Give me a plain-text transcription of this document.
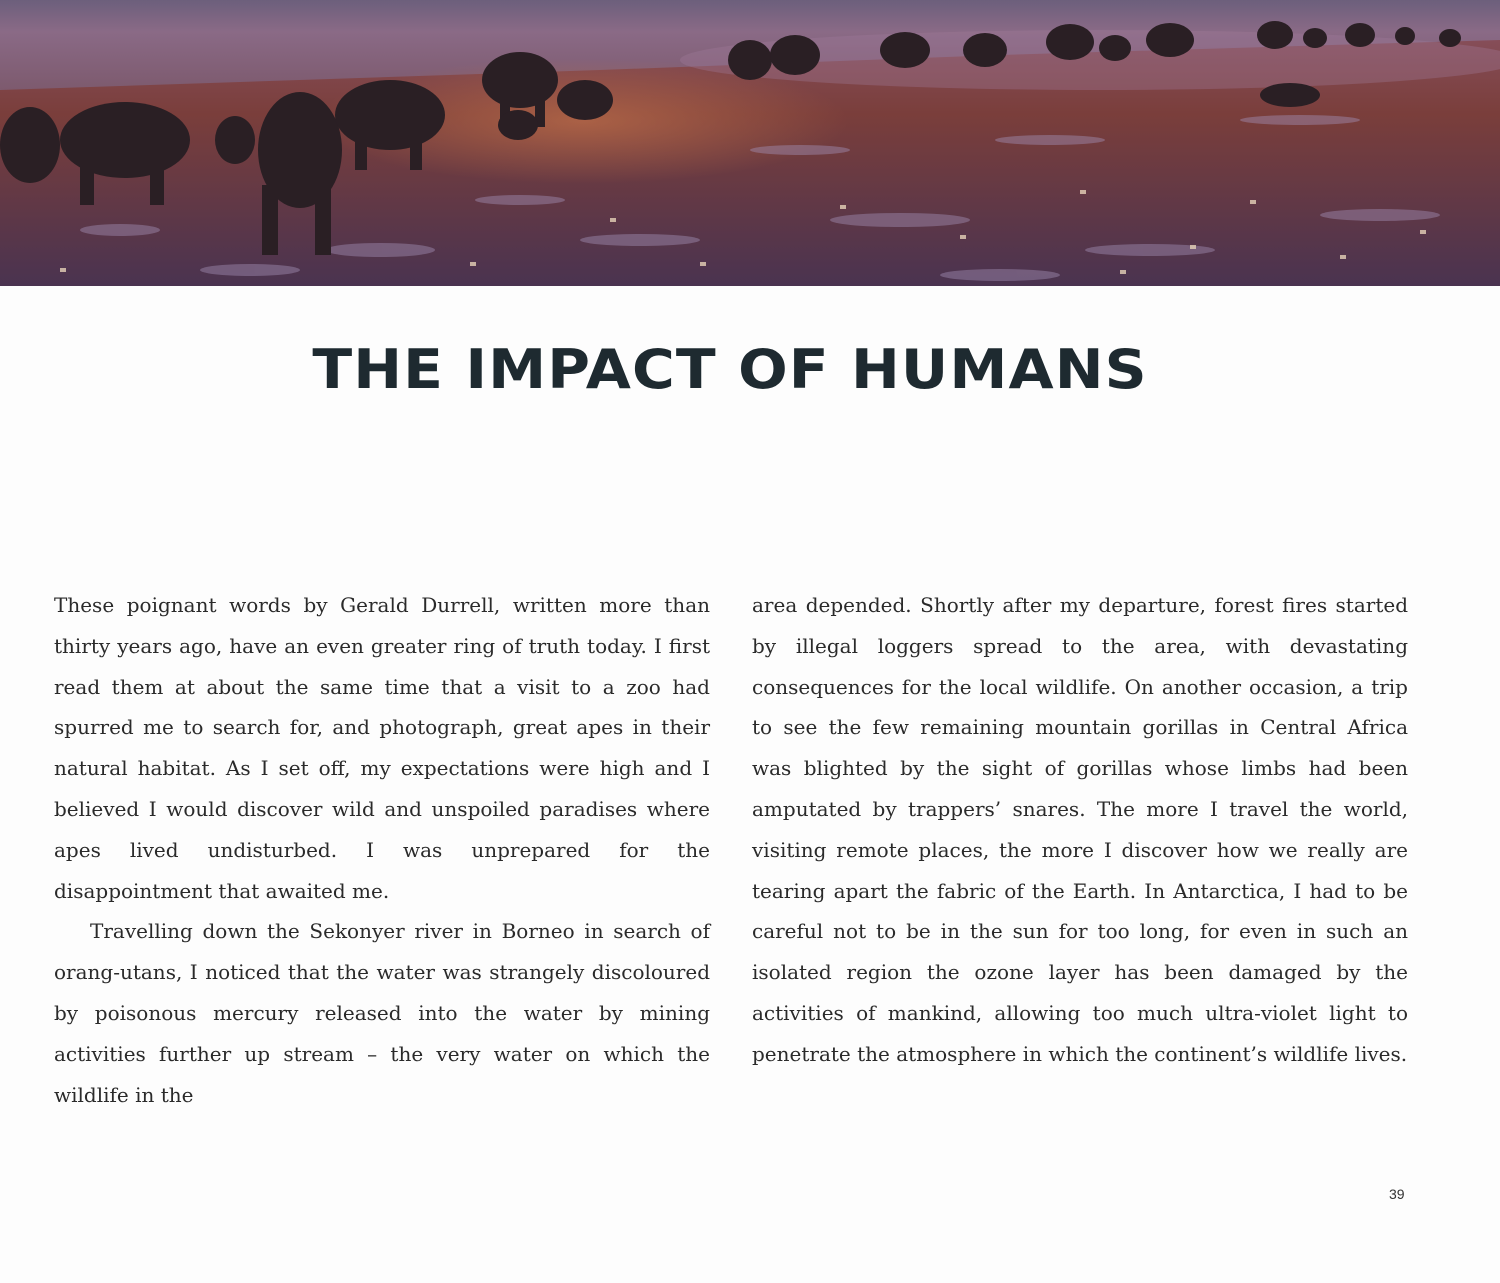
THE IMPACT OF HUMANS

These poignant words by Gerald Durrell, written more than thirty years ago, have an even greater ring of truth today. I first read them at about the same time that a visit to a zoo had spurred me to search for, and photograph, great apes in their natural habitat. As I set off, my expectations were high and I believed I would discover wild and unspoiled paradises where apes lived undisturbed. I was unprepared for the disappointment that awaited me.

Travelling down the Sekonyer river in Borneo in search of orang-utans, I noticed that the water was strangely discoloured by poisonous mercury released into the water by mining activities further up stream – the very water on which the wildlife in the

area depended. Shortly after my departure, forest fires started by illegal loggers spread to the area, with devastating consequences for the local wildlife. On another occasion, a trip to see the few remaining mountain gorillas in Central Africa was blighted by the sight of gorillas whose limbs had been amputated by trappers’ snares. The more I travel the world, visiting remote places, the more I discover how we really are tearing apart the fabric of the Earth. In Antarctica, I had to be careful not to be in the sun for too long, for even in such an isolated region the ozone layer has been damaged by the activities of mankind, allowing too much ultra-violet light to penetrate the atmosphere in which the continent’s wildlife lives.

39
